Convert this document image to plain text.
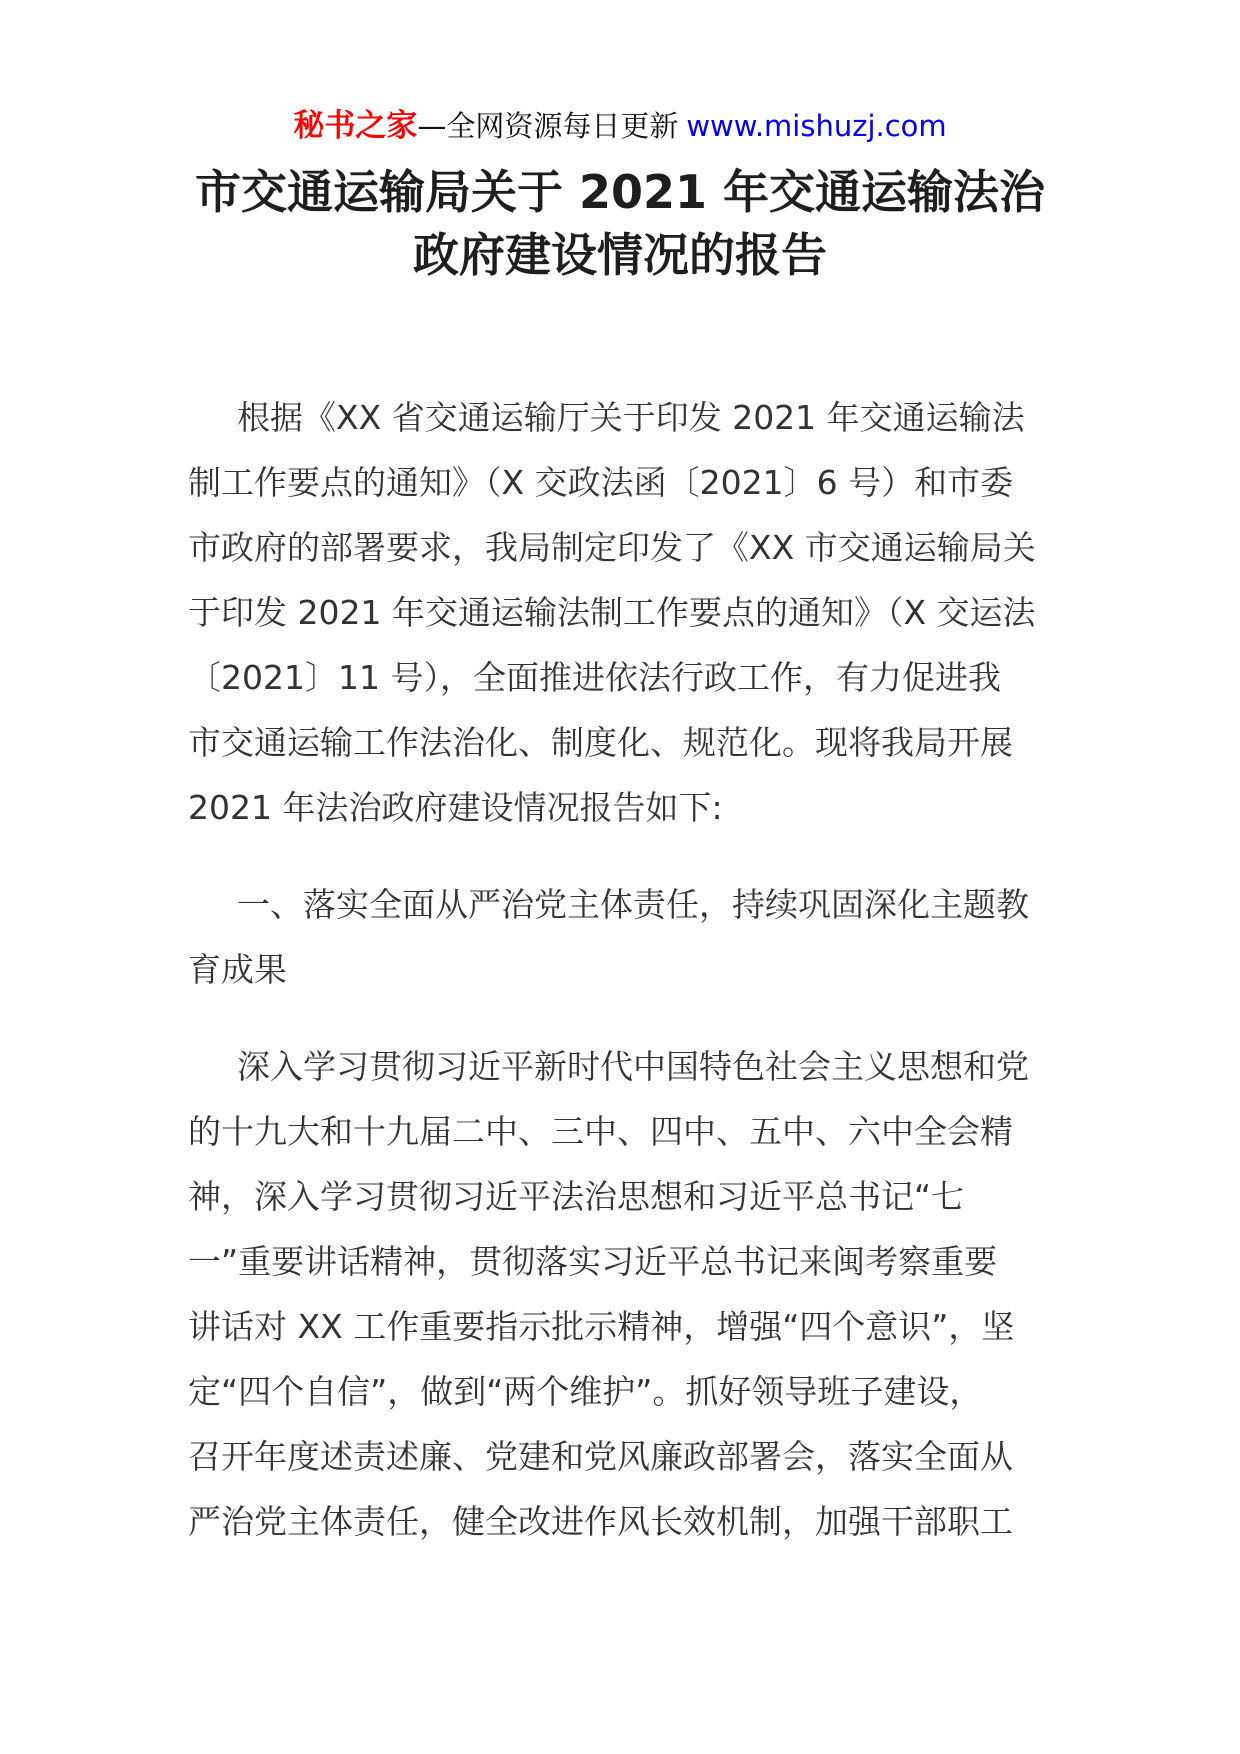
秘书之家—全网资源每日更新 www.mishuzj.com
市交通运输局关于 2021 年交通运输法治
政府建设情况的报告
根据《XX 省交通运输厅关于印发 2021 年交通运输法
制工作要点的通知》（X 交政法函〔2021〕6 号）和市委
市政府的部署要求，我局制定印发了《XX 市交通运输局关
于印发 2021 年交通运输法制工作要点的通知》（X 交运法
〔2021〕11 号），全面推进依法行政工作，有力促进我
市交通运输工作法治化、制度化、规范化。现将我局开展
2021 年法治政府建设情况报告如下:
一、落实全面从严治党主体责任，持续巩固深化主题教
育成果
深入学习贯彻习近平新时代中国特色社会主义思想和党
的十九大和十九届二中、三中、四中、五中、六中全会精
神，深入学习贯彻习近平法治思想和习近平总书记“七
一”重要讲话精神，贯彻落实习近平总书记来闽考察重要
讲话对 XX 工作重要指示批示精神，增强“四个意识”，坚
定“四个自信”，做到“两个维护”。抓好领导班子建设，
召开年度述责述廉、党建和党风廉政部署会，落实全面从
严治党主体责任，健全改进作风长效机制，加强干部职工
